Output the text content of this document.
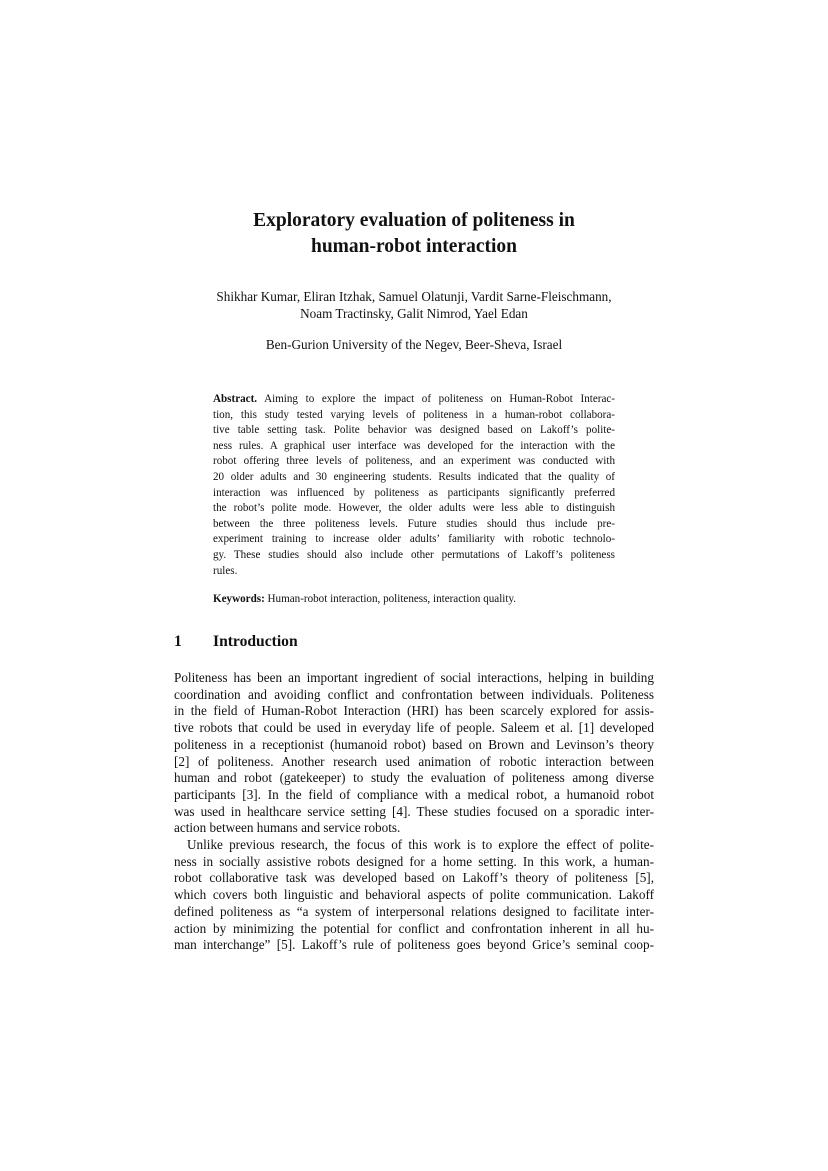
Exploratory evaluation of politeness in
human-robot interaction
Shikhar Kumar, Eliran Itzhak, Samuel Olatunji, Vardit Sarne-Fleischmann,
Noam Tractinsky, Galit Nimrod, Yael Edan
Ben-Gurion University of the Negev, Beer-Sheva, Israel
Abstract. Aiming to explore the impact of politeness on Human-Robot Interac-
tion, this study tested varying levels of politeness in a human-robot collabora-
tive table setting task. Polite behavior was designed based on Lakoff’s polite-
ness rules. A graphical user interface was developed for the interaction with the
robot offering three levels of politeness, and an experiment was conducted with
20 older adults and 30 engineering students. Results indicated that the quality of
interaction was influenced by politeness as participants significantly preferred
the robot’s polite mode. However, the older adults were less able to distinguish
between the three politeness levels. Future studies should thus include pre-
experiment training to increase older adults’ familiarity with robotic technolo-
gy. These studies should also include other permutations of Lakoff’s politeness
rules.
Keywords: Human-robot interaction, politeness, interaction quality.
1 Introduction
Politeness has been an important ingredient of social interactions, helping in building
coordination and avoiding conflict and confrontation between individuals. Politeness
in the field of Human-Robot Interaction (HRI) has been scarcely explored for assis-
tive robots that could be used in everyday life of people. Saleem et al. [1] developed
politeness in a receptionist (humanoid robot) based on Brown and Levinson’s theory
[2] of politeness. Another research used animation of robotic interaction between
human and robot (gatekeeper) to study the evaluation of politeness among diverse
participants [3]. In the field of compliance with a medical robot, a humanoid robot
was used in healthcare service setting [4]. These studies focused on a sporadic inter-
action between humans and service robots.
Unlike previous research, the focus of this work is to explore the effect of polite-
ness in socially assistive robots designed for a home setting. In this work, a human-
robot collaborative task was developed based on Lakoff’s theory of politeness [5],
which covers both linguistic and behavioral aspects of polite communication. Lakoff
defined politeness as “a system of interpersonal relations designed to facilitate inter-
action by minimizing the potential for conflict and confrontation inherent in all hu-
man interchange” [5]. Lakoff’s rule of politeness goes beyond Grice’s seminal coop-
